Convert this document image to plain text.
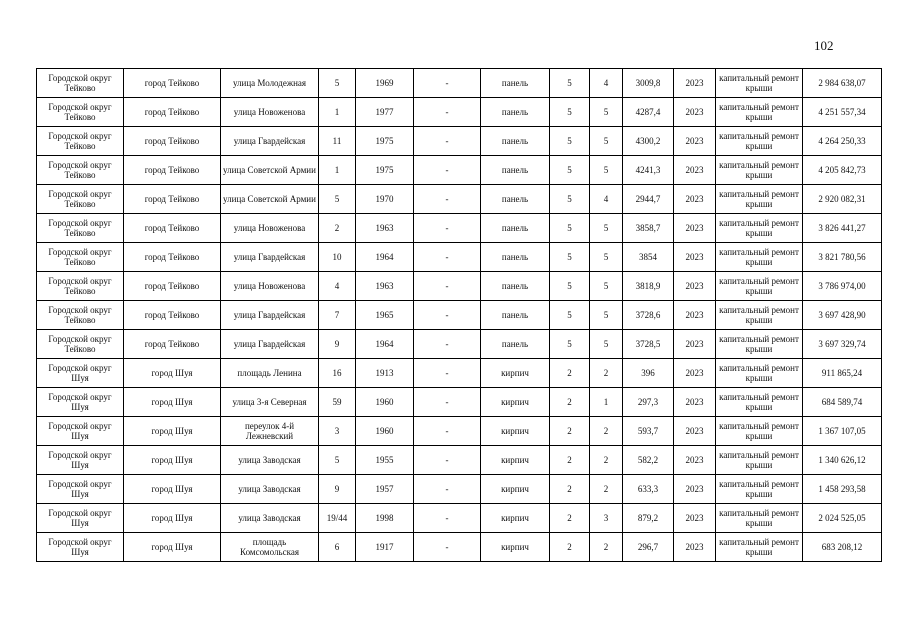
102
Городской округ Тейково	город Тейково	улица Молодежная	5	1969	-	панель	5	4	3009,8	2023	капитальный ремонт крыши	2 984 638,07
Городской округ Тейково	город Тейково	улица Новоженова	1	1977	-	панель	5	5	4287,4	2023	капитальный ремонт крыши	4 251 557,34
Городской округ Тейково	город Тейково	улица Гвардейская	11	1975	-	панель	5	5	4300,2	2023	капитальный ремонт крыши	4 264 250,33
Городской округ Тейково	город Тейково	улица Советской Армии	1	1975	-	панель	5	5	4241,3	2023	капитальный ремонт крыши	4 205 842,73
Городской округ Тейково	город Тейково	улица Советской Армии	5	1970	-	панель	5	4	2944,7	2023	капитальный ремонт крыши	2 920 082,31
Городской округ Тейково	город Тейково	улица Новоженова	2	1963	-	панель	5	5	3858,7	2023	капитальный ремонт крыши	3 826 441,27
Городской округ Тейково	город Тейково	улица Гвардейская	10	1964	-	панель	5	5	3854	2023	капитальный ремонт крыши	3 821 780,56
Городской округ Тейково	город Тейково	улица Новоженова	4	1963	-	панель	5	5	3818,9	2023	капитальный ремонт крыши	3 786 974,00
Городской округ Тейково	город Тейково	улица Гвардейская	7	1965	-	панель	5	5	3728,6	2023	капитальный ремонт крыши	3 697 428,90
Городской округ Тейково	город Тейково	улица Гвардейская	9	1964	-	панель	5	5	3728,5	2023	капитальный ремонт крыши	3 697 329,74
Городской округ Шуя	город Шуя	площадь Ленина	16	1913	-	кирпич	2	2	396	2023	капитальный ремонт крыши	911 865,24
Городской округ Шуя	город Шуя	улица 3-я Северная	59	1960	-	кирпич	2	1	297,3	2023	капитальный ремонт крыши	684 589,74
Городской округ Шуя	город Шуя	переулок 4-й Лежневский	3	1960	-	кирпич	2	2	593,7	2023	капитальный ремонт крыши	1 367 107,05
Городской округ Шуя	город Шуя	улица Заводская	5	1955	-	кирпич	2	2	582,2	2023	капитальный ремонт крыши	1 340 626,12
Городской округ Шуя	город Шуя	улица Заводская	9	1957	-	кирпич	2	2	633,3	2023	капитальный ремонт крыши	1 458 293,58
Городской округ Шуя	город Шуя	улица Заводская	19/44	1998	-	кирпич	2	3	879,2	2023	капитальный ремонт крыши	2 024 525,05
Городской округ Шуя	город Шуя	площадь Комсомольская	6	1917	-	кирпич	2	2	296,7	2023	капитальный ремонт крыши	683 208,12
